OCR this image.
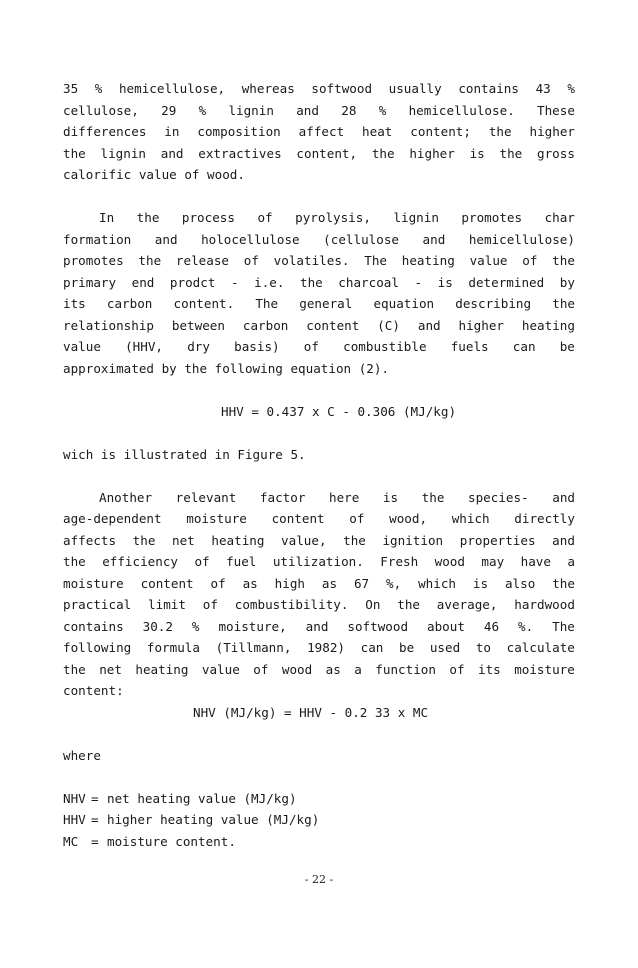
35 % hemicellulose, whereas softwood usually contains 43 %
cellulose, 29 % lignin and 28 % hemicellulose. These
differences in composition affect heat content; the higher
the lignin and extractives content, the higher is the gross
calorific value of wood.
In the process of pyrolysis, lignin promotes char
formation and holocellulose (cellulose and hemicellulose)
promotes the release of volatiles. The heating value of the
primary end prodct - i.e. the charcoal - is determined by
its carbon content. The general equation describing the
relationship between carbon content (C) and higher heating
value (HHV, dry basis) of combustible fuels can be
approximated by the following equation (2).
HHV = 0.437 x C - 0.306 (MJ/kg)
wich is illustrated in Figure 5.
Another relevant factor here is the species- and
age-dependent moisture content of wood, which directly
affects the net heating value, the ignition properties and
the efficiency of fuel utilization. Fresh wood may have a
moisture content of as high as 67 %, which is also the
practical limit of combustibility. On the average, hardwood
contains 30.2 % moisture, and softwood about 46 %. The
following formula (Tillmann, 1982) can be used to calculate
the net heating value of wood as a function of its moisture
content:
NHV (MJ/kg) = HHV - 0.2 33 x MC
where
NHV = net heating value (MJ/kg)
HHV = higher heating value (MJ/kg)
MC	= moisture content.
- 22 -
